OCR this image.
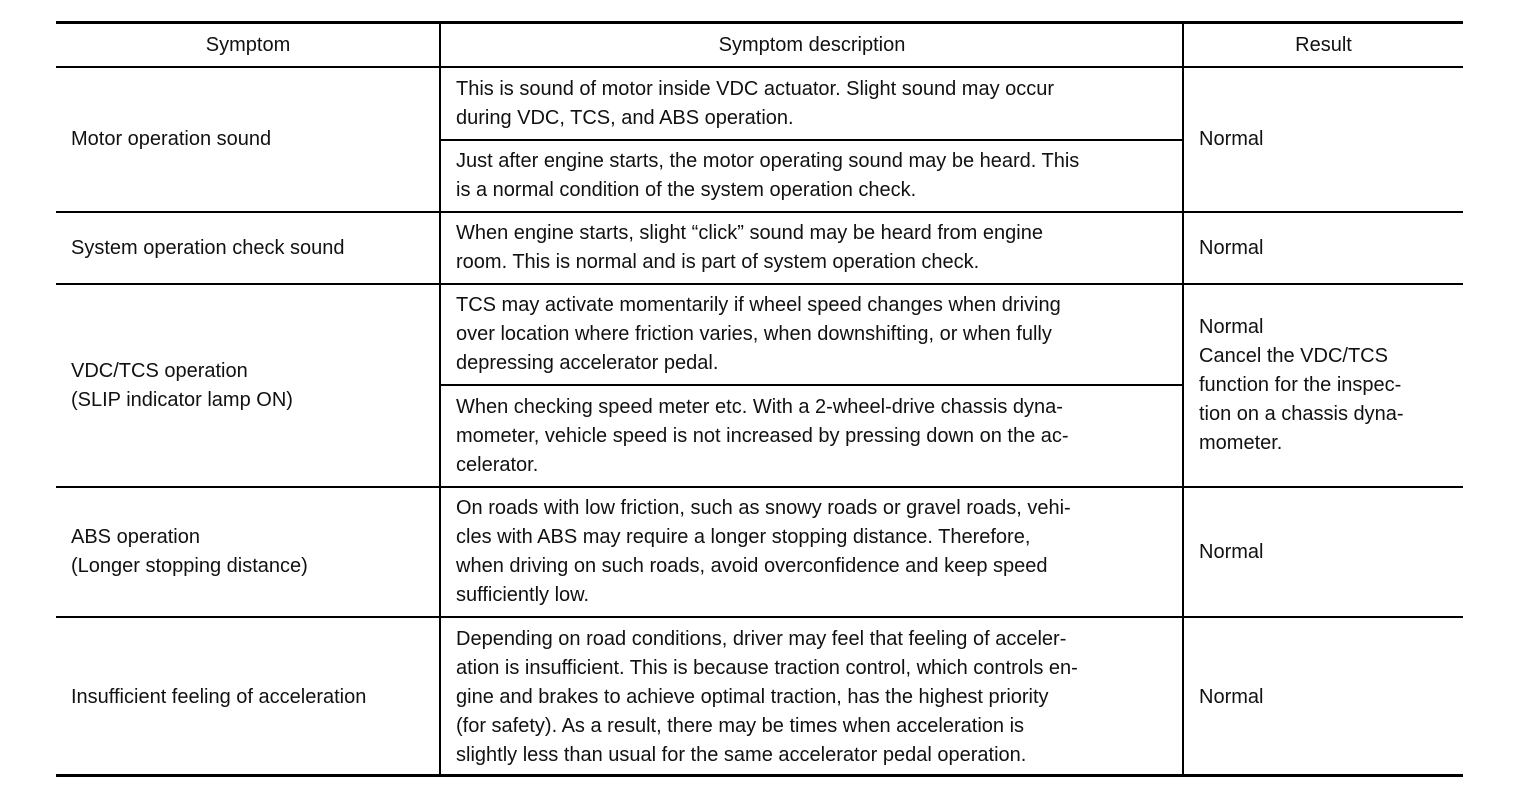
Symptom	Symptom description	Result
Motor operation sound
This is sound of motor inside VDC actuator. Slight sound may occur
during VDC, TCS, and ABS operation.
Just after engine starts, the motor operating sound may be heard. This
is a normal condition of the system operation check.
Normal
System operation check sound
When engine starts, slight “click” sound may be heard from engine
room. This is normal and is part of system operation check.
Normal
VDC/TCS operation
(SLIP indicator lamp ON)
TCS may activate momentarily if wheel speed changes when driving
over location where friction varies, when downshifting, or when fully
depressing accelerator pedal.
When checking speed meter etc. With a 2-wheel-drive chassis dyna-
mometer, vehicle speed is not increased by pressing down on the ac-
celerator.
Normal
Cancel the VDC/TCS
function for the inspec-
tion on a chassis dyna-
mometer.
ABS operation
(Longer stopping distance)
On roads with low friction, such as snowy roads or gravel roads, vehi-
cles with ABS may require a longer stopping distance. Therefore,
when driving on such roads, avoid overconfidence and keep speed
sufficiently low.
Normal
Insufficient feeling of acceleration
Depending on road conditions, driver may feel that feeling of acceler-
ation is insufficient. This is because traction control, which controls en-
gine and brakes to achieve optimal traction, has the highest priority
(for safety). As a result, there may be times when acceleration is
slightly less than usual for the same accelerator pedal operation.
Normal
